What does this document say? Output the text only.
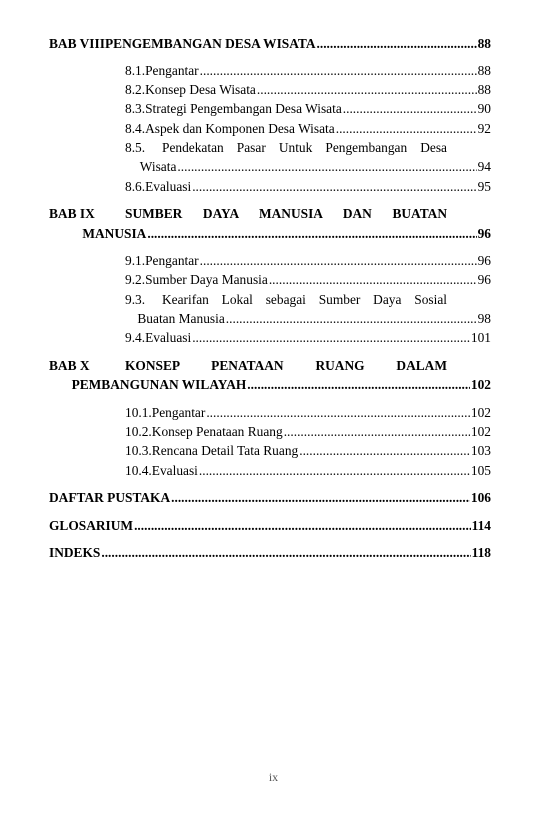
BAB VIII PENGEMBANGAN DESA WISATA .....	88
8.1. Pengantar .....	88
8.2. Konsep Desa Wisata .....	88
8.3. Strategi Pengembangan Desa Wisata .....	90
8.4. Aspek dan Komponen Desa Wisata .....	92
8.5.	Pendekatan Pasar Untuk Pengembangan Desa
Wisata .....	94
8.6. Evaluasi .....	95
BAB IX	SUMBER DAYA MANUSIA DAN BUATAN
MANUSIA .....	96
9.1. Pengantar .....	96
9.2. Sumber Daya Manusia .....	96
9.3.	Kearifan Lokal sebagai Sumber Daya Sosial
Buatan Manusia .....	98
9.4. Evaluasi .....	101
BAB X	KONSEP PENATAAN RUANG DALAM
PEMBANGUNAN WILAYAH .....	102
10.1. Pengantar .....	102
10.2. Konsep Penataan Ruang .....	102
10.3. Rencana Detail Tata Ruang .....	103
10.4. Evaluasi .....	105
DAFTAR PUSTAKA .....	106
GLOSARIUM .....	114
INDEKS .....	118
ix
